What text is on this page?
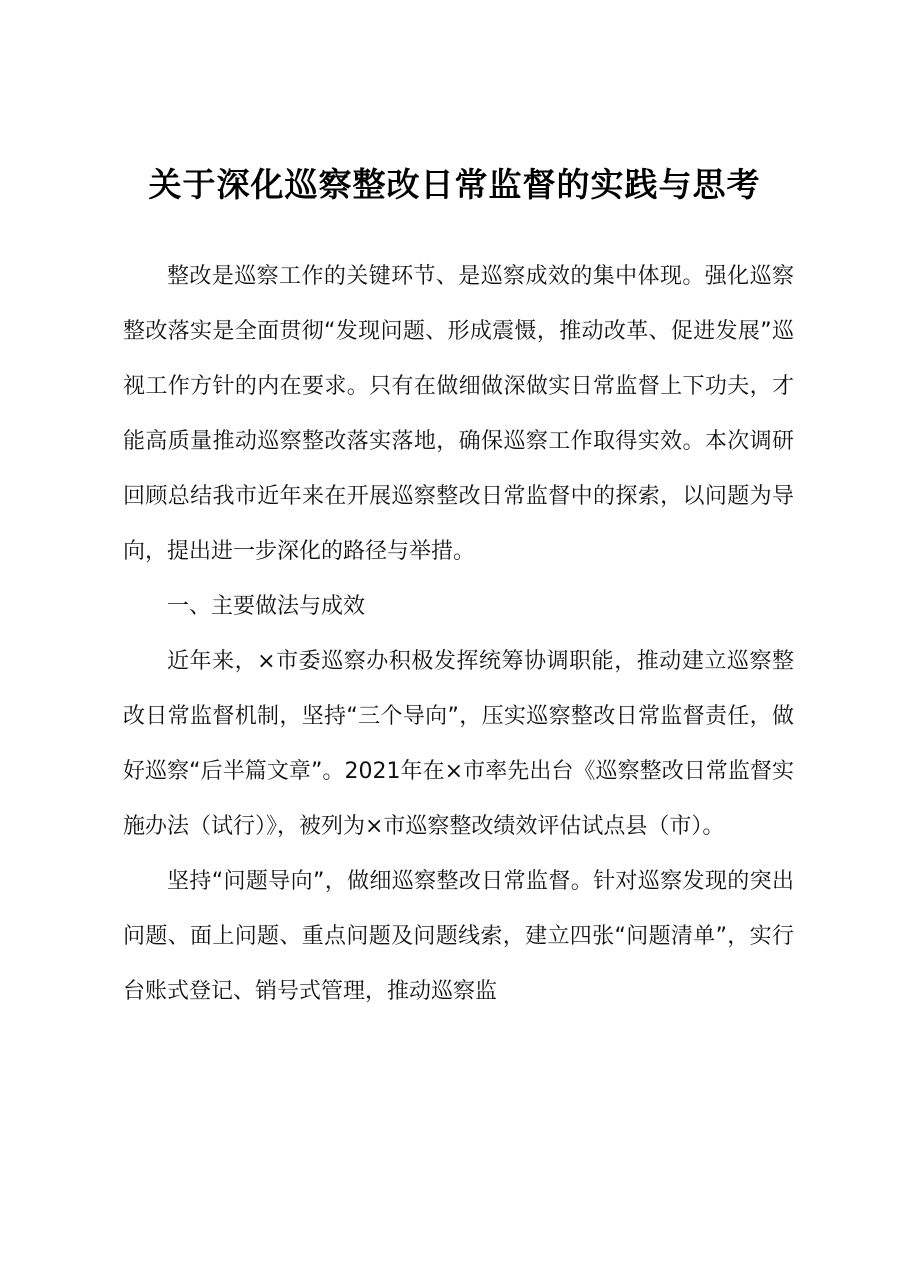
关于深化巡察整改日常监督的实践与思考

整改是巡察工作的关键环节、是巡察成效的集中体现。强化巡察整改落实是全面贯彻“发现问题、形成震慑，推动改革、促进发展”巡视工作方针的内在要求。只有在做细做深做实日常监督上下功夫，才能高质量推动巡察整改落实落地，确保巡察工作取得实效。本次调研回顾总结我市近年来在开展巡察整改日常监督中的探索，以问题为导向，提出进一步深化的路径与举措。

一、主要做法与成效

近年来，×市委巡察办积极发挥统筹协调职能，推动建立巡察整改日常监督机制，坚持“三个导向”，压实巡察整改日常监督责任，做好巡察“后半篇文章”。2021年在×市率先出台《巡察整改日常监督实施办法（试行）》，被列为×市巡察整改绩效评估试点县（市）。

坚持“问题导向”，做细巡察整改日常监督。针对巡察发现的突出问题、面上问题、重点问题及问题线索，建立四张“问题清单”，实行台账式登记、销号式管理，推动巡察监
